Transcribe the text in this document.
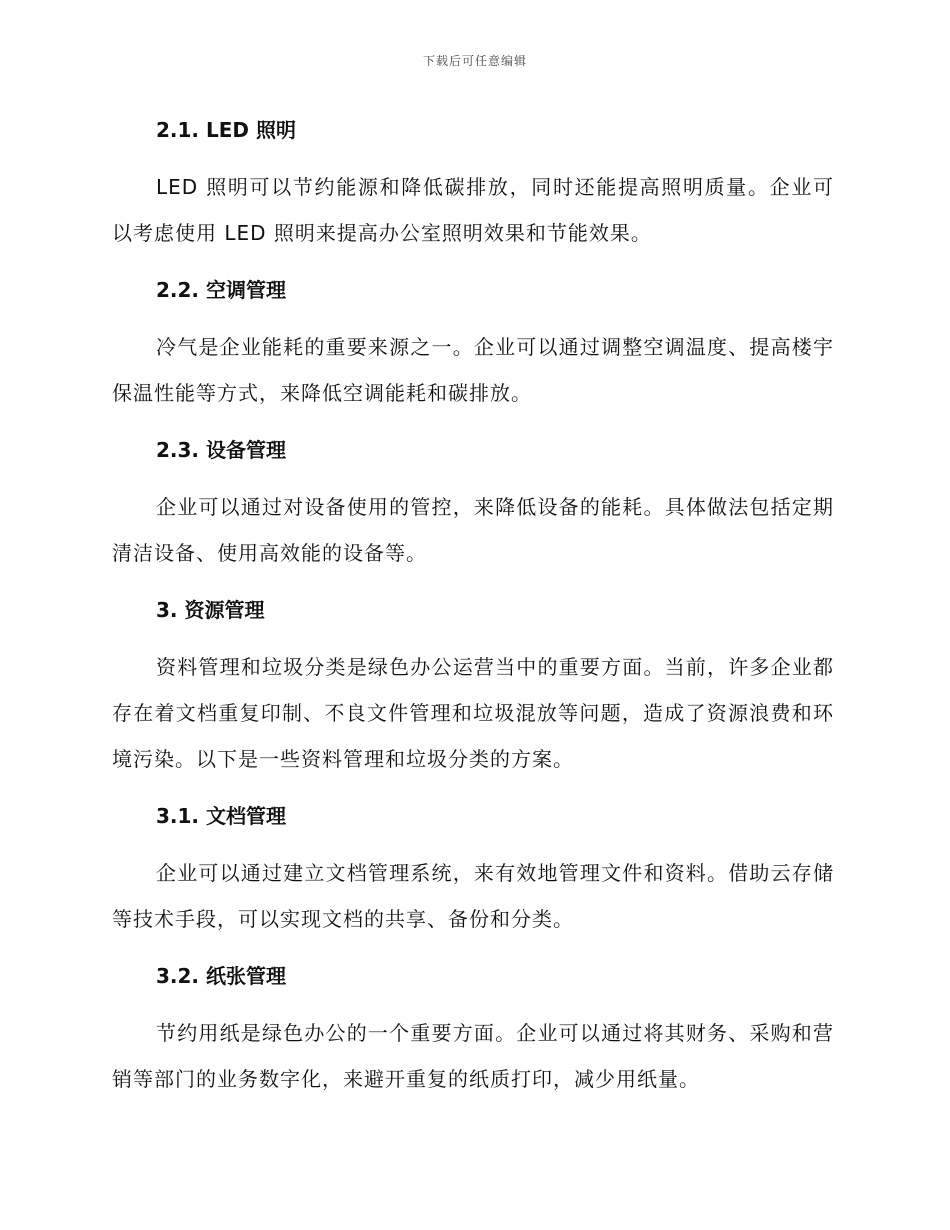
下载后可任意编辑
2.1. LED 照明
LED 照明可以节约能源和降低碳排放，同时还能提高照明质量。企业可以考虑使用 LED 照明来提高办公室照明效果和节能效果。
2.2. 空调管理
冷气是企业能耗的重要来源之一。企业可以通过调整空调温度、提高楼宇保温性能等方式，来降低空调能耗和碳排放。
2.3. 设备管理
企业可以通过对设备使用的管控，来降低设备的能耗。具体做法包括定期清洁设备、使用高效能的设备等。
3. 资源管理
资料管理和垃圾分类是绿色办公运营当中的重要方面。当前，许多企业都存在着文档重复印制、不良文件管理和垃圾混放等问题，造成了资源浪费和环境污染。以下是一些资料管理和垃圾分类的方案。
3.1. 文档管理
企业可以通过建立文档管理系统，来有效地管理文件和资料。借助云存储等技术手段，可以实现文档的共享、备份和分类。
3.2. 纸张管理
节约用纸是绿色办公的一个重要方面。企业可以通过将其财务、采购和营销等部门的业务数字化，来避开重复的纸质打印，减少用纸量。
